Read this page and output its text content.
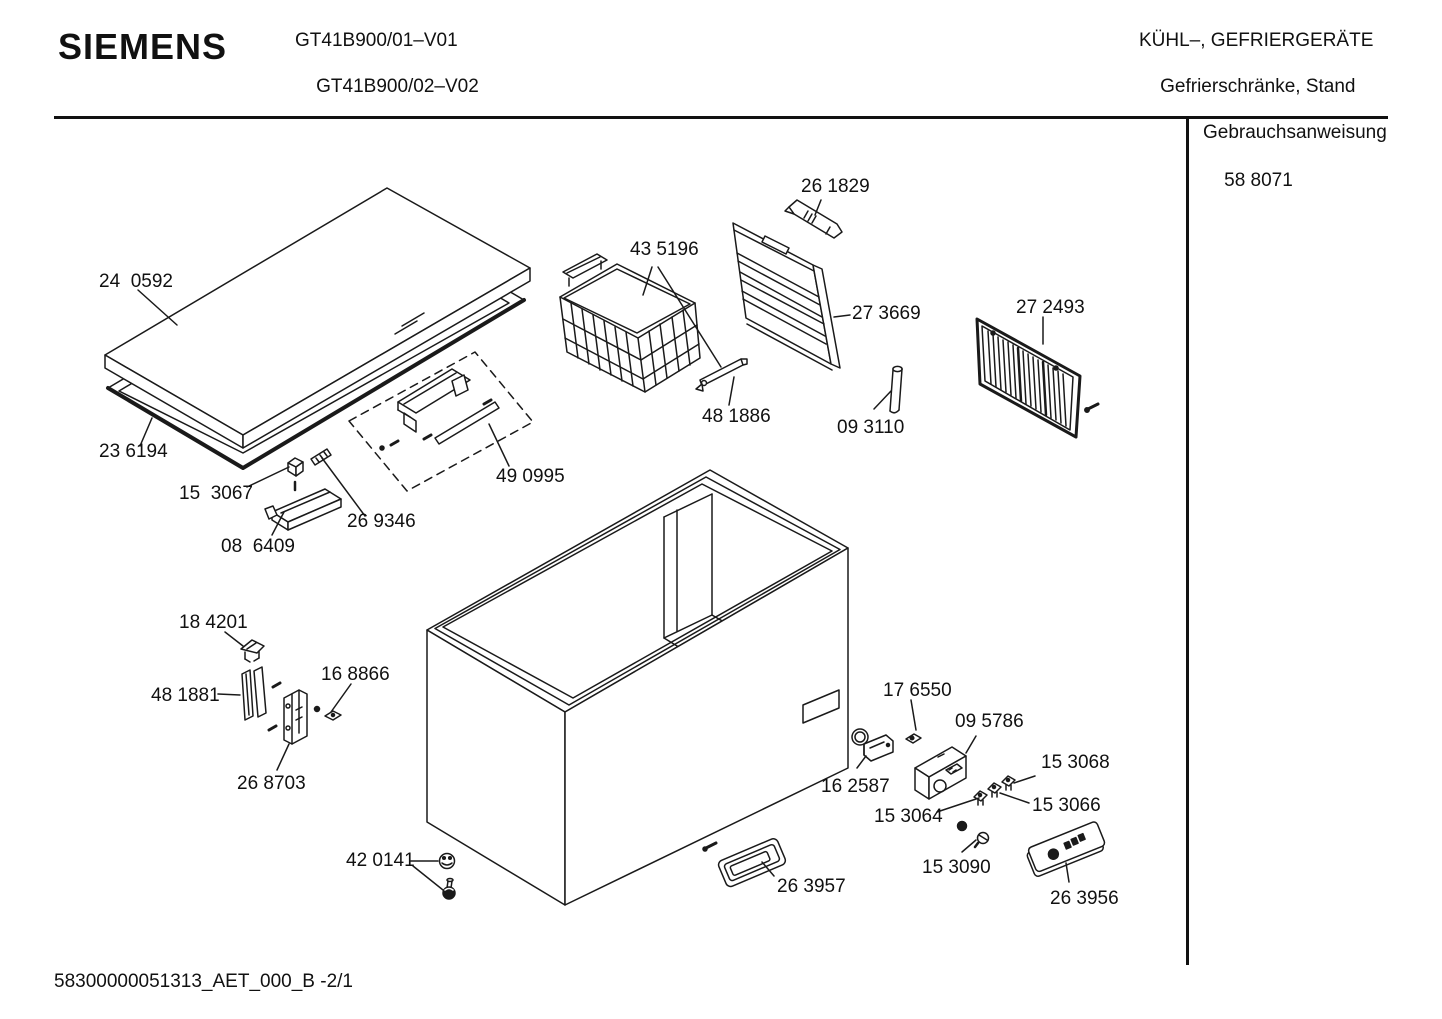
SIEMENS	GT41B900/01–V01

GT41B900/02–V02
KÜHL–, GEFRIERGERÄTE

Gefrierschränke, Stand
Gebrauchsanweisung

58 8071
58300000051313_AET_000_B -2/1
24  0592
23 6194
15  3067
08  6409
26 9346
49 0995
43 5196
26 1829
27 3669	27 2493
48 1886
09 3110
18 4201
48 1881
16 8866
26 8703
17 6550
09 5786
16 2587
15 3068
15 3066
15 3064
15 3090
26 3957
26 3956
42 0141
